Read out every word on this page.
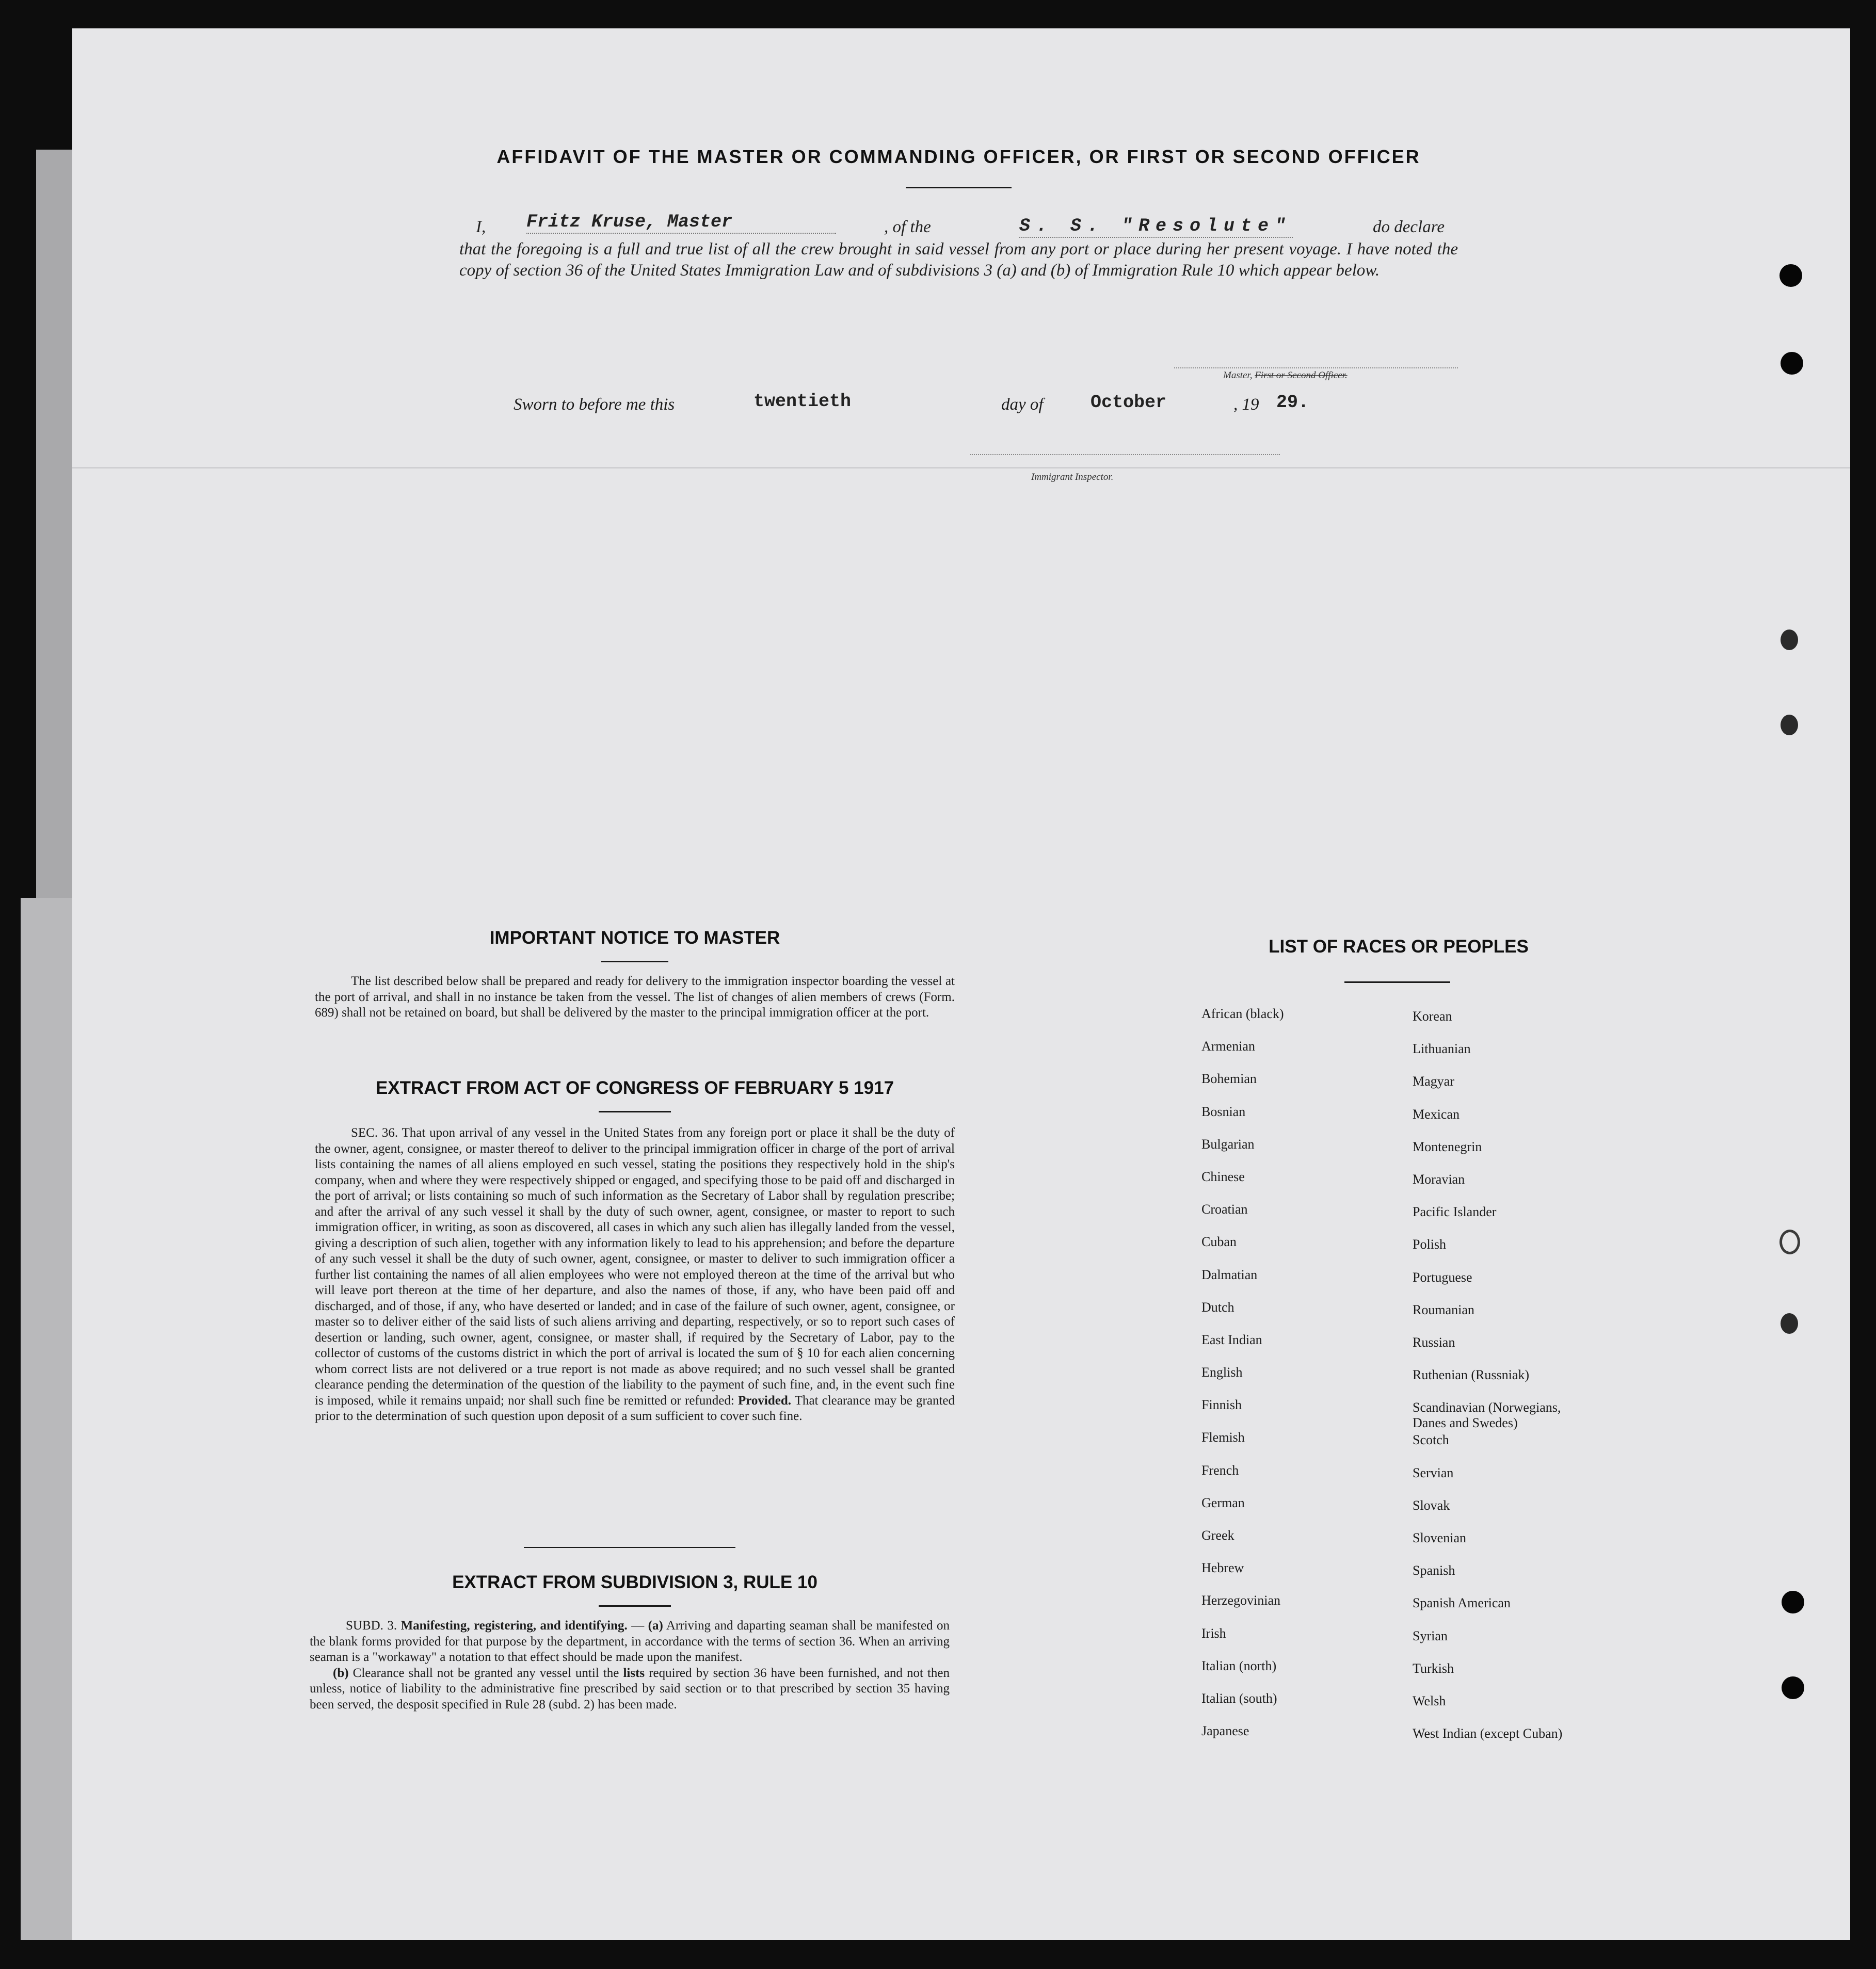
AFFIDAVIT OF THE MASTER OR COMMANDING OFFICER, OR FIRST OR SECOND OFFICER
I, Fritz Kruse, Master	, of the	S. S. "Resolute"	do declare
that the foregoing is a full and true list of all the crew brought in said vessel from any port or place during her present voyage. I have noted the copy of section 36 of the United States Immigration Law and of subdivisions 3 (a) and (b) of Immigration Rule 10 which appear below.
Master, First or Second Officer.
Sworn to before me this	twentieth	day of	October	, 19 29.
Immigrant Inspector.
IMPORTANT NOTICE TO MASTER
The list described below shall be prepared and ready for delivery to the immigration inspector boarding the vessel at the port of arrival, and shall in no instance be taken from the vessel. The list of changes of alien members of crews (Form. 689) shall not be retained on board, but shall be delivered by the master to the principal immigration officer at the port.
EXTRACT FROM ACT OF CONGRESS OF FEBRUARY 5 1917
SEC. 36. That upon arrival of any vessel in the United States from any foreign port or place it shall be the duty of the owner, agent, consignee, or master thereof to deliver to the principal immigration officer in charge of the port of arrival lists containing the names of all aliens employed en such vessel, stating the positions they respectively hold in the ship's company, when and where they were respectively shipped or engaged, and specifying those to be paid off and discharged in the port of arrival; or lists containing so much of such information as the Secretary of Labor shall by regulation prescribe; and after the arrival of any such vessel it shall by the duty of such owner, agent, consignee, or master to report to such immigration officer, in writing, as soon as discovered, all cases in which any such alien has illegally landed from the vessel, giving a description of such alien, together with any information likely to lead to his apprehension; and before the departure of any such vessel it shall be the duty of such owner, agent, consignee, or master to deliver to such immigration officer a further list containing the names of all alien employees who were not employed thereon at the time of the arrival but who will leave port thereon at the time of her departure, and also the names of those, if any, who have been paid off and discharged, and of those, if any, who have deserted or landed; and in case of the failure of such owner, agent, consignee, or master so to deliver either of the said lists of such aliens arriving and departing, respectively, or so to report such cases of desertion or landing, such owner, agent, consignee, or master shall, if required by the Secretary of Labor, pay to the collector of customs of the customs district in which the port of arrival is located the sum of § 10 for each alien concerning whom correct lists are not delivered or a true report is not made as above required; and no such vessel shall be granted clearance pending the determination of the question of the liability to the payment of such fine, and, in the event such fine is imposed, while it remains unpaid; nor shall such fine be remitted or refunded: Provided. That clearance may be granted prior to the determination of such question upon deposit of a sum sufficient to cover such fine.
EXTRACT FROM SUBDIVISION 3, RULE 10
SUBD. 3. Manifesting, registering, and identifying. — (a) Arriving and daparting seaman shall be manifested on the blank forms provided for that purpose by the department, in accordance with the terms of section 36. When an arriving seaman is a "workaway" a notation to that effect should be made upon the manifest.
(b) Clearance shall not be granted any vessel until the lists required by section 36 have been furnished, and not then unless, notice of liability to the administrative fine prescribed by said section or to that prescribed by section 35 having been served, the desposit specified in Rule 28 (subd. 2) has been made.
LIST OF RACES OR PEOPLES
African (black)
Armenian
Bohemian
Bosnian
Bulgarian
Chinese
Croatian
Cuban
Dalmatian
Dutch
East Indian
English
Finnish
Flemish
French
German
Greek
Hebrew
Herzegovinian
Irish
Italian (north)
Italian (south)
Japanese
Korean
Lithuanian
Magyar
Mexican
Montenegrin
Moravian
Pacific Islander
Polish
Portuguese
Roumanian
Russian
Ruthenian (Russniak)
Scandinavian (Norwegians,
Danes and Swedes)
Scotch
Servian
Slovak
Slovenian
Spanish
Spanish American
Syrian
Turkish
Welsh
West Indian (except Cuban)
